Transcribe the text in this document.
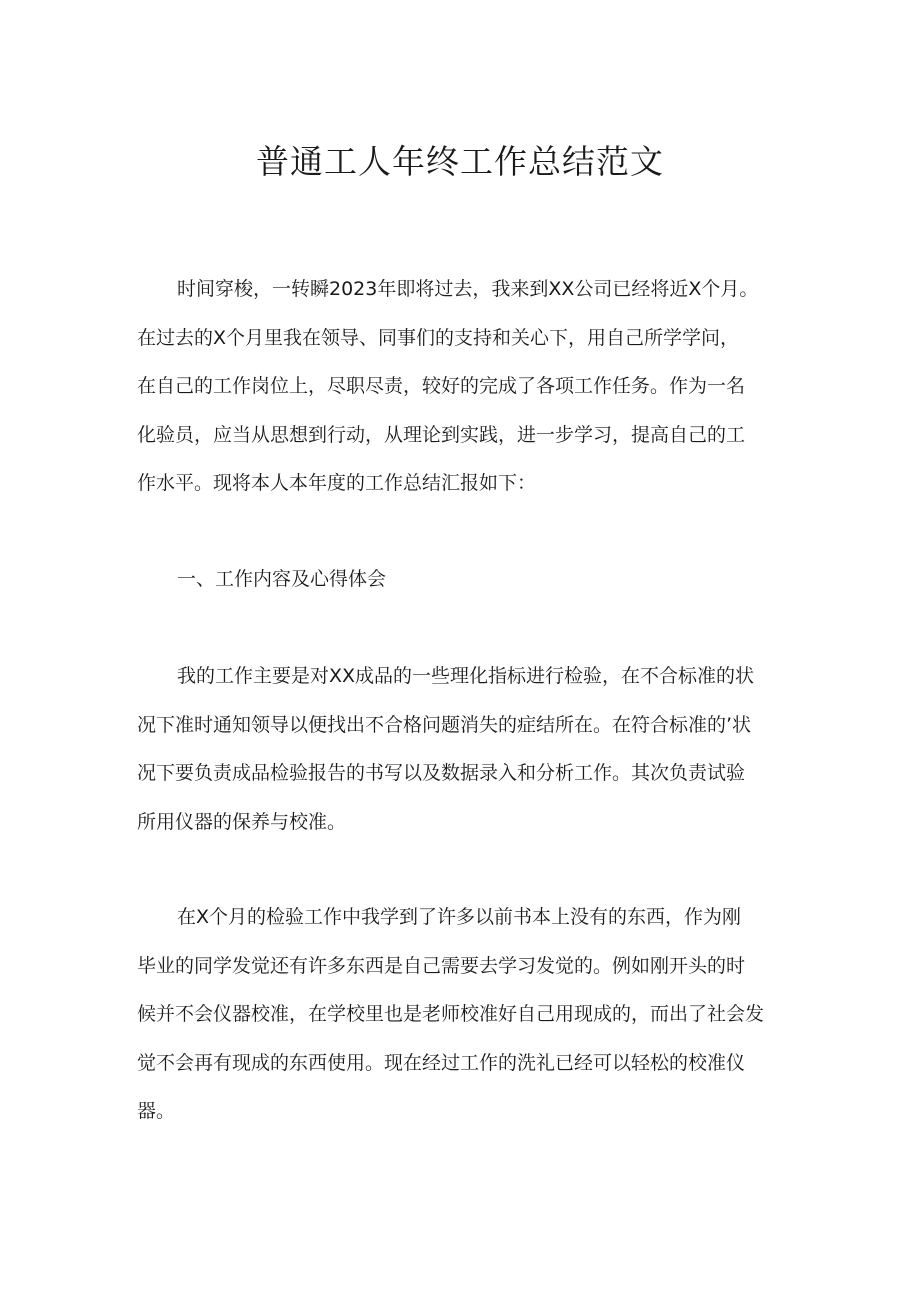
普通工人年终工作总结范文
时间穿梭，一转瞬2023年即将过去，我来到XX公司已经将近X个月。
在过去的X个月里我在领导、同事们的支持和关心下，用自己所学学问，
在自己的工作岗位上，尽职尽责，较好的完成了各项工作任务。作为一名
化验员，应当从思想到行动，从理论到实践，进一步学习，提高自己的工
作水平。现将本人本年度的工作总结汇报如下：
一、工作内容及心得体会
我的工作主要是对XX成品的一些理化指标进行检验，在不合标准的状
况下准时通知领导以便找出不合格问题消失的症结所在。在符合标准的’状
况下要负责成品检验报告的书写以及数据录入和分析工作。其次负责试验
所用仪器的保养与校准。
在X个月的检验工作中我学到了许多以前书本上没有的东西，作为刚
毕业的同学发觉还有许多东西是自己需要去学习发觉的。例如刚开头的时
候并不会仪器校准，在学校里也是老师校准好自己用现成的，而出了社会发
觉不会再有现成的东西使用。现在经过工作的洗礼已经可以轻松的校准仪
器。
